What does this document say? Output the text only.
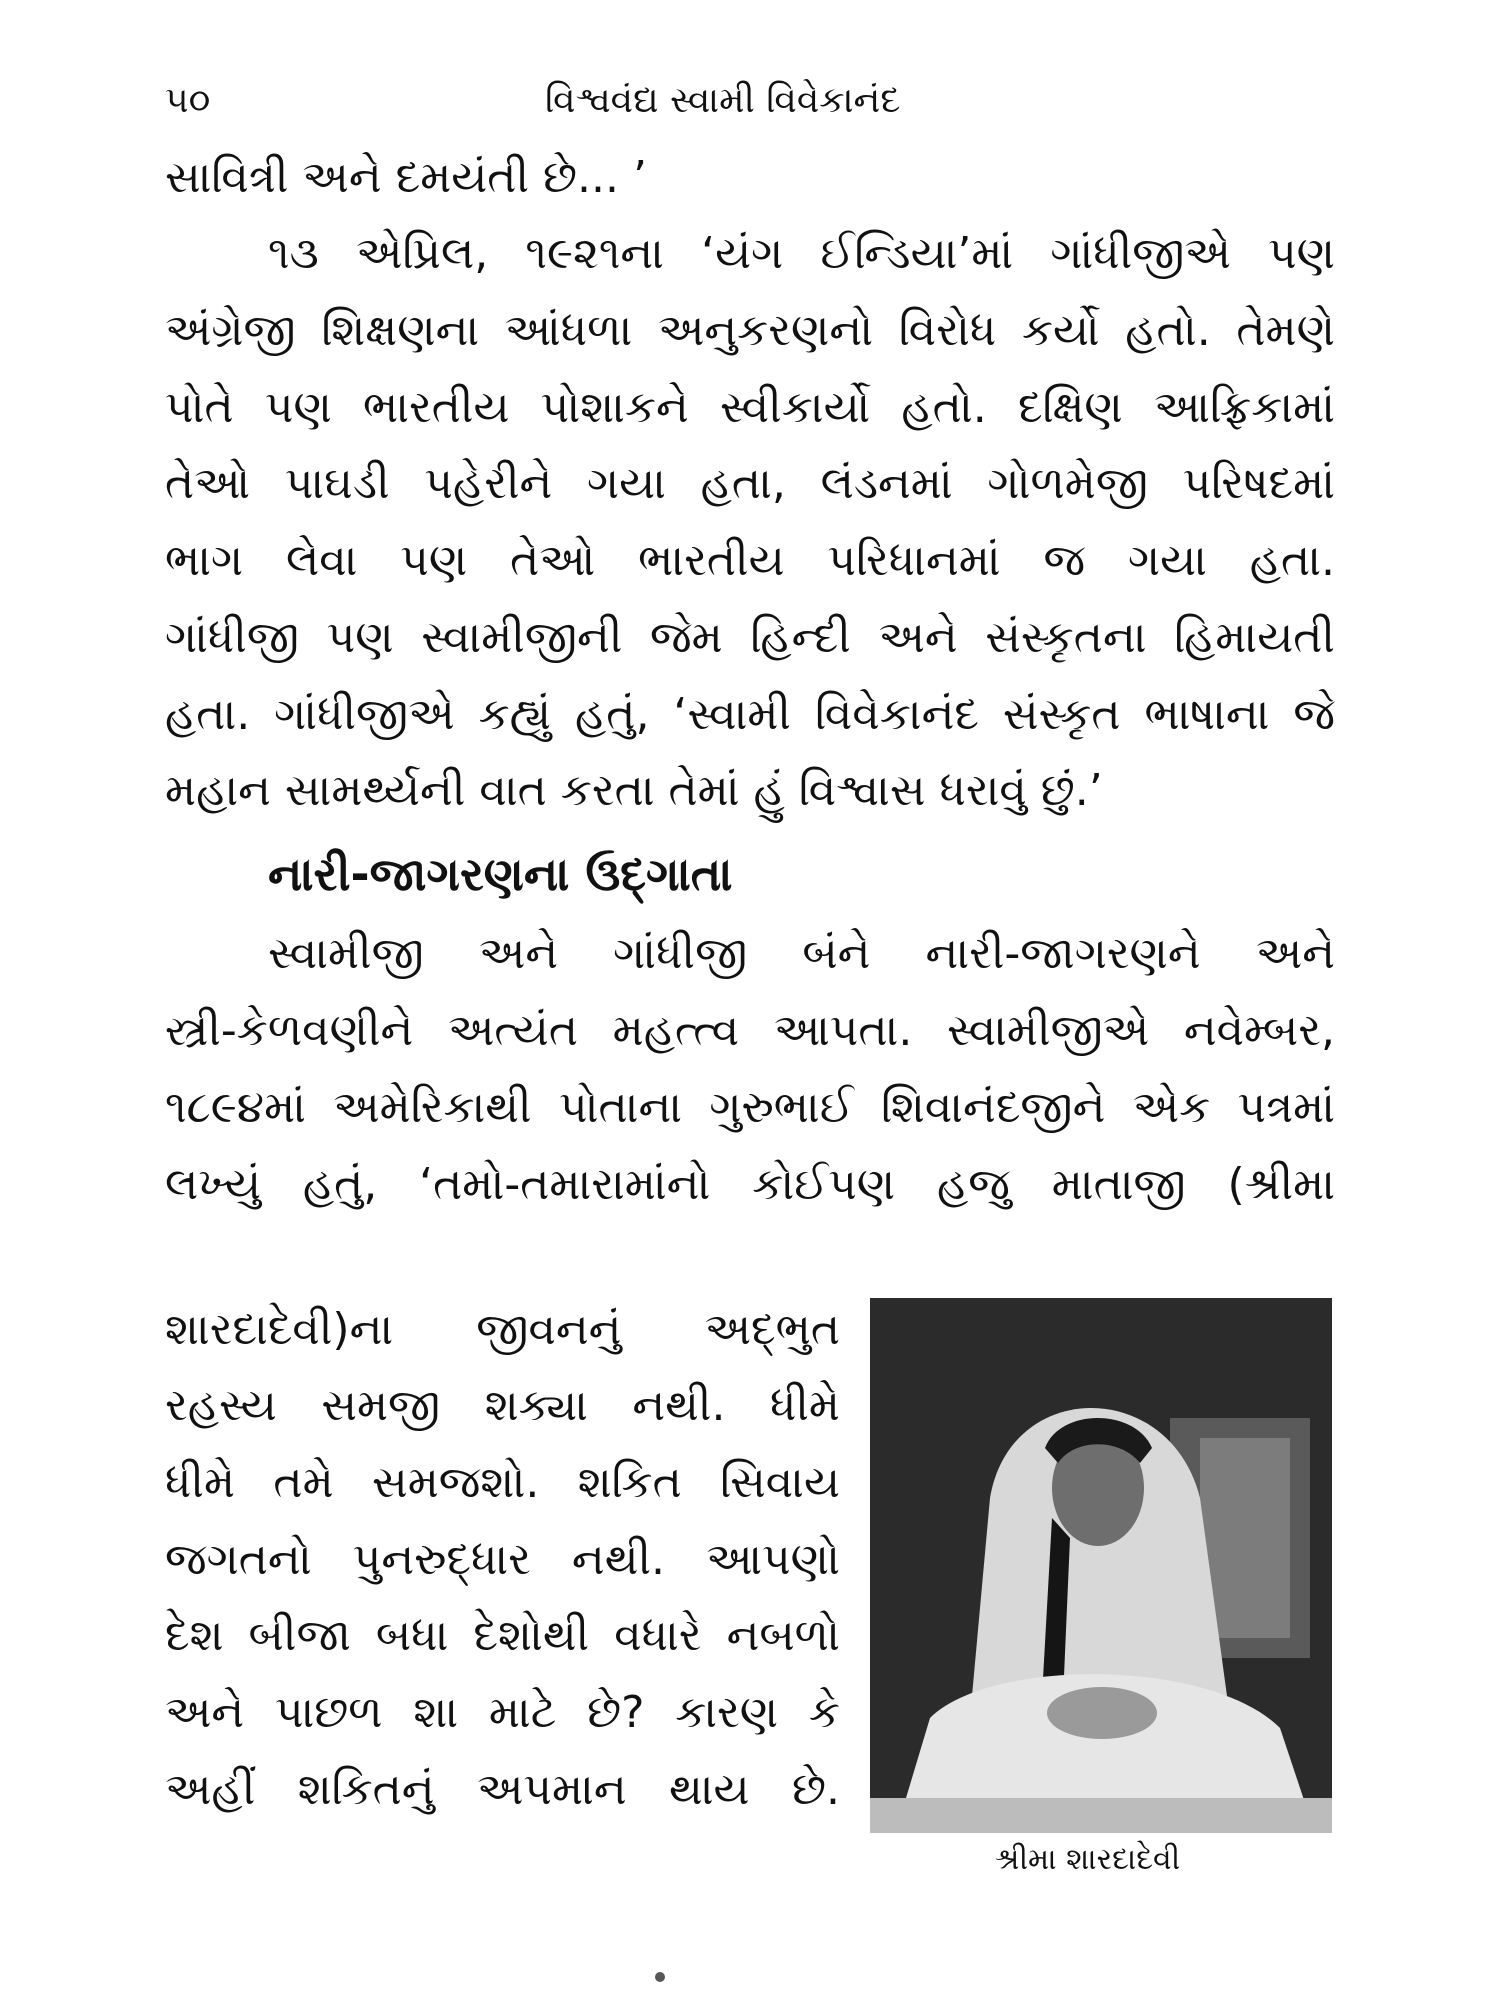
૫૦	વિશ્વવંદ્ય સ્વામી વિવેકાનંદ
સાવિત્રી અને દમયંતી છે... ’
૧૩ એપ્રિલ, ૧૯૨૧ના ‘યંગ ઈન્ડિયા’માં ગાંધીજીએ પણ
અંગ્રેજી શિક્ષણના આંધળા અનુકરણનો વિરોધ કર્યો હતો. તેમણે
પોતે પણ ભારતીય પોશાકને સ્વીકાર્યો હતો. દક્ષિણ આફ્રિકામાં
તેઓ પાઘડી પહેરીને ગયા હતા, લંડનમાં ગોળમેજી પરિષદમાં
ભાગ લેવા પણ તેઓ ભારતીય પરિધાનમાં જ ગયા હતા.
ગાંધીજી પણ સ્વામીજીની જેમ હિન્દી અને સંસ્કૃતના હિમાયતી
હતા. ગાંધીજીએ કહ્યું હતું, ‘સ્વામી વિવેકાનંદ સંસ્કૃત ભાષાના જે
મહાન સામર્થ્યની વાત કરતા તેમાં હું વિશ્વાસ ધરાવું છું.’
નારી-જાગરણના ઉદ્‌ગાતા
સ્વામીજી અને ગાંધીજી બંને નારી-જાગરણને અને
સ્ત્રી-કેળવણીને અત્યંત મહત્ત્વ આપતા. સ્વામીજીએ નવેમ્બર,
૧૮૯૪માં અમેરિકાથી પોતાના ગુરુભાઈ શિવાનંદજીને એક પત્રમાં
લખ્યું હતું, ‘તમો-તમારામાંનો કોઈપણ હજુ માતાજી (શ્રીમા
શારદાદેવી)ના જીવનનું અદ્‌ભુત
રહસ્ય સમજી શક્યા નથી. ધીમે
ધીમે તમે સમજશો. શકિત સિવાય
જગતનો પુનરુદ્ધાર નથી. આપણો
દેશ બીજા બધા દેશોથી વધારે નબળો
અને પાછળ શા માટે છે? કારણ કે
અહીં શકિતનું અપમાન થાય છે.
શ્રીમા શારદાદેવી
